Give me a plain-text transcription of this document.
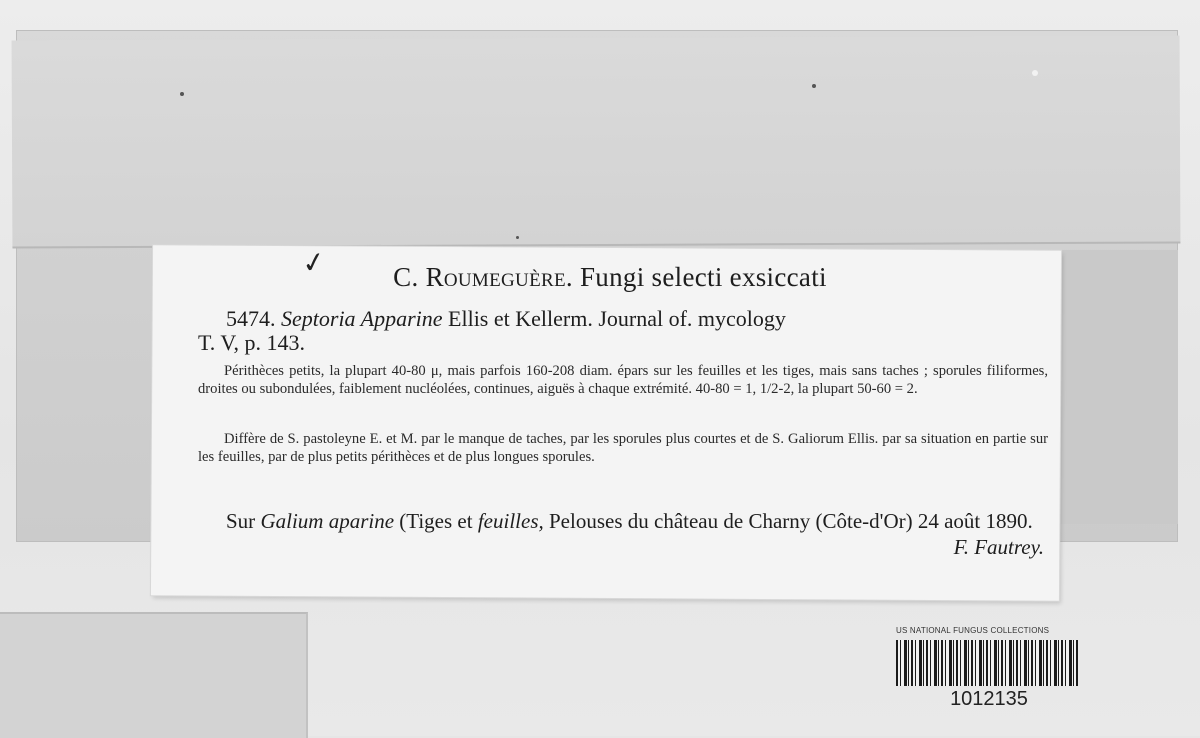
✓	C. Roumeguère. Fungi selecti exsiccati
5474. Septoria Apparine Ellis et Kellerm. Journal of. mycology
T. V, p. 143.
Périthèces petits, la plupart 40-80 μ, mais parfois 160-208 diam. épars sur les feuilles et les tiges, mais sans taches ; sporules filiformes, droites ou subondulées, faiblement nucléolées, continues, aiguës à chaque extrémité. 40-80 = 1, 1/2-2, la plupart 50-60 = 2.
Diffère de S. pastoleyne E. et M. par le manque de taches, par les sporules plus courtes et de S. Galiorum Ellis. par sa situation en partie sur les feuilles, par de plus petits périthèces et de plus longues sporules.
Sur Galium aparine (Tiges et feuilles, Pelouses du château de Charny (Côte-d'Or) 24 août 1890.
F. Fautrey.
US NATIONAL FUNGUS COLLECTIONS
1012135
